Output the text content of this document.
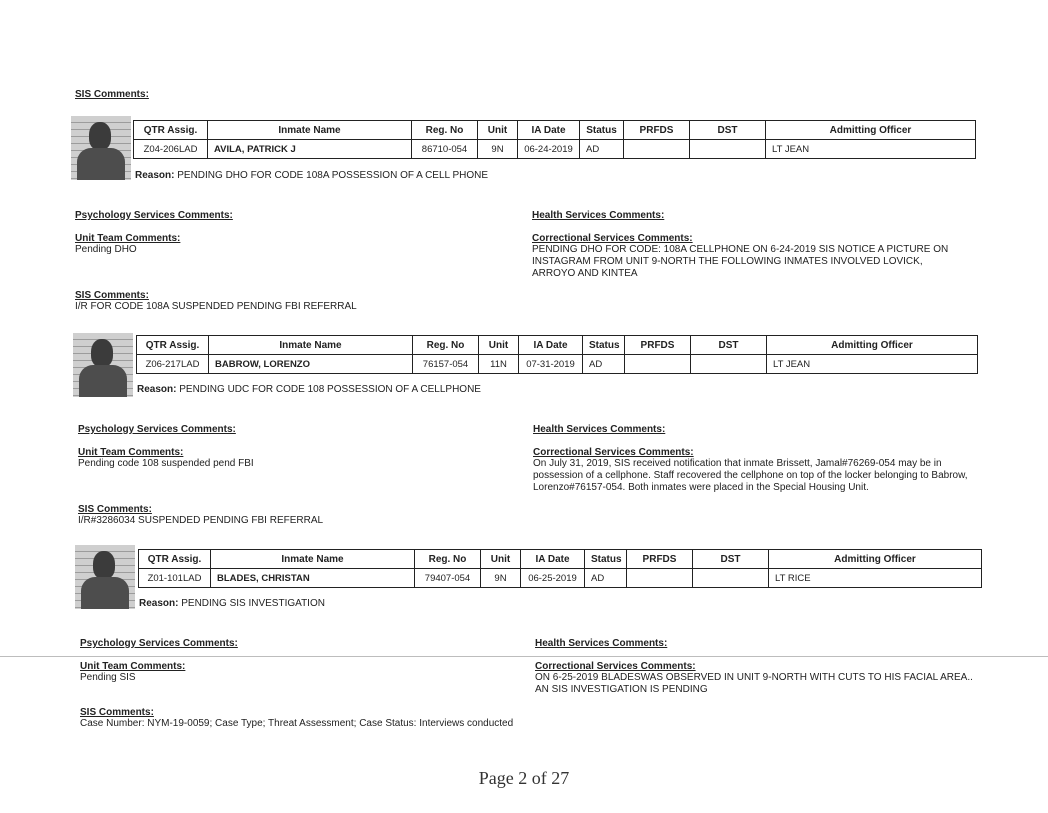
SIS Comments:
QTR Assig.	Inmate Name	Reg. No	Unit	IA Date	Status	PRFDS	DST	Admitting Officer
Z04-206LAD	AVILA, PATRICK J	86710-054	9N	06-24-2019	AD			LT JEAN
Reason: PENDING DHO FOR CODE 108A POSSESSION OF A CELL PHONE
Psychology Services Comments:	Health Services Comments:
Unit Team Comments:
Pending DHO
Correctional Services Comments:
PENDING DHO FOR CODE: 108A CELLPHONE ON 6-24-2019 SIS NOTICE A PICTURE ON INSTAGRAM FROM UNIT 9-NORTH THE FOLLOWING INMATES INVOLVED LOVICK, ARROYO AND KINTEA
SIS Comments:
I/R FOR CODE 108A SUSPENDED PENDING FBI REFERRAL
QTR Assig.	Inmate Name	Reg. No	Unit	IA Date	Status	PRFDS	DST	Admitting Officer
Z06-217LAD	BABROW, LORENZO	76157-054	11N	07-31-2019	AD			LT JEAN
Reason: PENDING UDC FOR CODE 108 POSSESSION OF A CELLPHONE
Psychology Services Comments:	Health Services Comments:
Unit Team Comments:
Pending code 108 suspended pend FBI
Correctional Services Comments:
On July 31, 2019, SIS received notification that inmate Brissett, Jamal#76269-054 may be in possession of a cellphone. Staff recovered the cellphone on top of the locker belonging to Babrow, Lorenzo#76157-054. Both inmates were placed in the Special Housing Unit.
SIS Comments:
I/R#3286034 SUSPENDED PENDING FBI REFERRAL
QTR Assig.	Inmate Name	Reg. No	Unit	IA Date	Status	PRFDS	DST	Admitting Officer
Z01-101LAD	BLADES, CHRISTAN	79407-054	9N	06-25-2019	AD			LT RICE
Reason: PENDING SIS INVESTIGATION
Psychology Services Comments:	Health Services Comments:
Unit Team Comments:
Pending SIS
Correctional Services Comments:
ON 6-25-2019 BLADESWAS OBSERVED IN UNIT 9-NORTH WITH CUTS TO HIS FACIAL AREA.. AN SIS INVESTIGATION IS PENDING
SIS Comments:
Case Number: NYM-19-0059; Case Type; Threat Assessment; Case Status: Interviews conducted
Page 2 of 27
